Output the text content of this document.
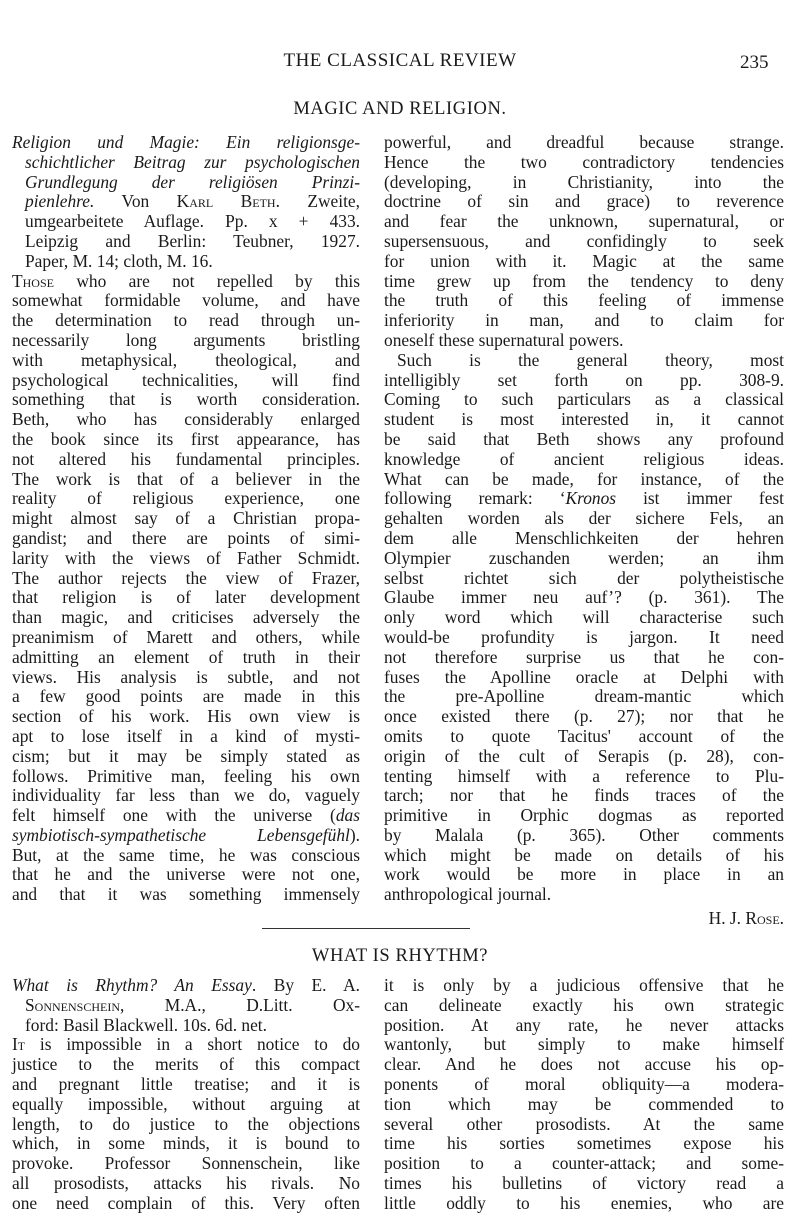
THE CLASSICAL REVIEW	235
MAGIC AND RELIGION.
Religion und Magie: Ein religionsge-
schichtlicher Beitrag zur psychologischen
Grundlegung der religiösen Prinzi-
pienlehre. Von Karl Beth. Zweite,
umgearbeitete Auflage. Pp. x + 433.
Leipzig and Berlin: Teubner, 1927.
Paper, M. 14; cloth, M. 16.
Those who are not repelled by this
somewhat formidable volume, and have
the determination to read through un-
necessarily long arguments bristling
with metaphysical, theological, and
psychological technicalities, will find
something that is worth consideration.
Beth, who has considerably enlarged
the book since its first appearance, has
not altered his fundamental principles.
The work is that of a believer in the
reality of religious experience, one
might almost say of a Christian propa-
gandist; and there are points of simi-
larity with the views of Father Schmidt.
The author rejects the view of Frazer,
that religion is of later development
than magic, and criticises adversely the
preanimism of Marett and others, while
admitting an element of truth in their
views. His analysis is subtle, and not
a few good points are made in this
section of his work. His own view is
apt to lose itself in a kind of mysti-
cism; but it may be simply stated as
follows. Primitive man, feeling his own
individuality far less than we do, vaguely
felt himself one with the universe (das
symbiotisch-sympathetische Lebensgefühl).
But, at the same time, he was conscious
that he and the universe were not one,
and that it was something immensely
powerful, and dreadful because strange.
Hence the two contradictory tendencies
(developing, in Christianity, into the
doctrine of sin and grace) to reverence
and fear the unknown, supernatural, or
supersensuous, and confidingly to seek
for union with it. Magic at the same
time grew up from the tendency to deny
the truth of this feeling of immense
inferiority in man, and to claim for
oneself these supernatural powers.
Such is the general theory, most
intelligibly set forth on pp. 308-9.
Coming to such particulars as a classical
student is most interested in, it cannot
be said that Beth shows any profound
knowledge of ancient religious ideas.
What can be made, for instance, of the
following remark: ‘Kronos ist immer fest
gehalten worden als der sichere Fels, an
dem alle Menschlichkeiten der hehren
Olympier zuschanden werden; an ihm
selbst richtet sich der polytheistische
Glaube immer neu auf’? (p. 361). The
only word which will characterise such
would-be profundity is jargon. It need
not therefore surprise us that he con-
fuses the Apolline oracle at Delphi with
the pre-Apolline dream-mantic which
once existed there (p. 27); nor that he
omits to quote Tacitus' account of the
origin of the cult of Serapis (p. 28), con-
tenting himself with a reference to Plu-
tarch; nor that he finds traces of the
primitive in Orphic dogmas as reported
by Malala (p. 365). Other comments
which might be made on details of his
work would be more in place in an
anthropological journal.
H. J. Rose.
WHAT IS RHYTHM?
What is Rhythm? An Essay. By E. A.
Sonnenschein, M.A., D.Litt. Ox-
ford: Basil Blackwell. 10s. 6d. net.
It is impossible in a short notice to do
justice to the merits of this compact
and pregnant little treatise; and it is
equally impossible, without arguing at
length, to do justice to the objections
which, in some minds, it is bound to
provoke. Professor Sonnenschein, like
all prosodists, attacks his rivals. No
one need complain of this. Very often
it is only by a judicious offensive that he
can delineate exactly his own strategic
position. At any rate, he never attacks
wantonly, but simply to make himself
clear. And he does not accuse his op-
ponents of moral obliquity—a modera-
tion which may be commended to
several other prosodists. At the same
time his sorties sometimes expose his
position to a counter-attack; and some-
times his bulletins of victory read a
little oddly to his enemies, who are
